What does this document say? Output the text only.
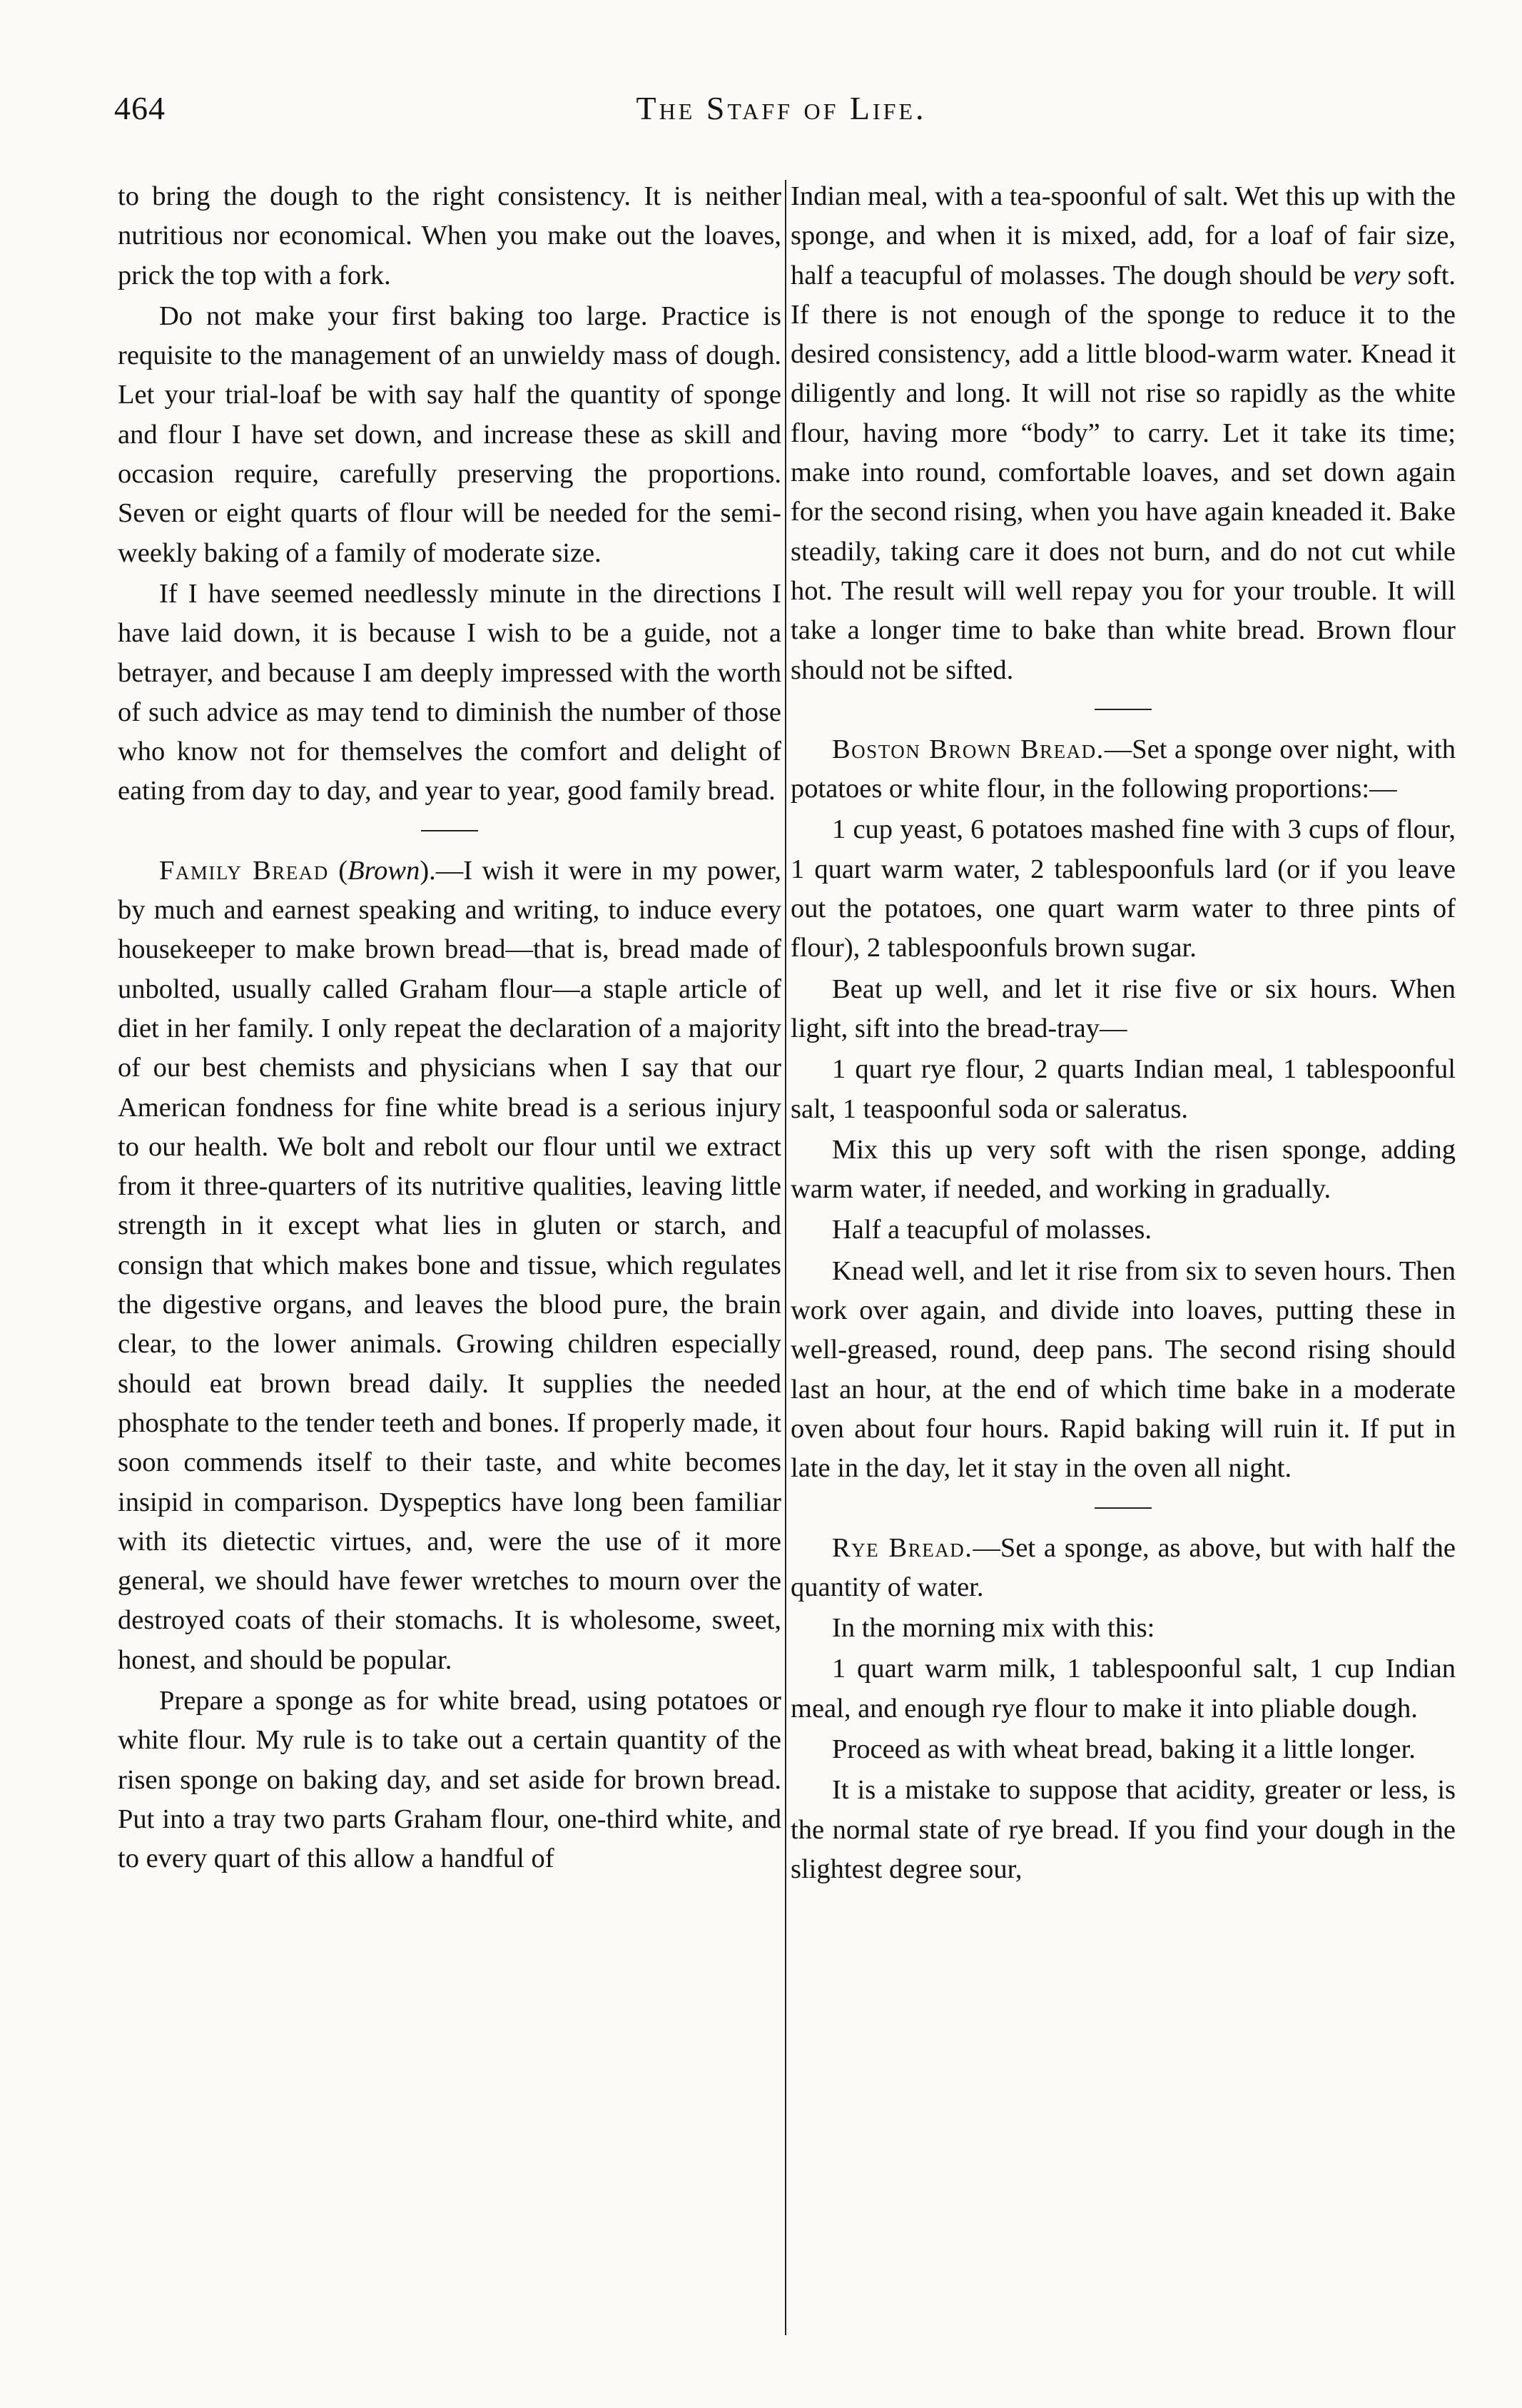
464	The Staff of Life.

to bring the dough to the right consistency. It is neither nutritious nor economical. When you make out the loaves, prick the top with a fork.

Do not make your first baking too large. Practice is requisite to the management of an unwieldy mass of dough. Let your trial-loaf be with say half the quantity of sponge and flour I have set down, and increase these as skill and occasion require, carefully preserving the proportions. Seven or eight quarts of flour will be needed for the semi-weekly baking of a family of moderate size.

If I have seemed needlessly minute in the directions I have laid down, it is because I wish to be a guide, not a betrayer, and because I am deeply impressed with the worth of such advice as may tend to diminish the number of those who know not for themselves the comfort and delight of eating from day to day, and year to year, good family bread.

Family Bread (Brown).—I wish it were in my power, by much and earnest speaking and writing, to induce every housekeeper to make brown bread—that is, bread made of unbolted, usually called Graham flour—a staple article of diet in her family. I only repeat the declaration of a majority of our best chemists and physicians when I say that our American fondness for fine white bread is a serious injury to our health. We bolt and rebolt our flour until we extract from it three-quarters of its nutritive qualities, leaving little strength in it except what lies in gluten or starch, and consign that which makes bone and tissue, which regulates the digestive organs, and leaves the blood pure, the brain clear, to the lower animals. Growing children especially should eat brown bread daily. It supplies the needed phosphate to the tender teeth and bones. If properly made, it soon commends itself to their taste, and white becomes insipid in comparison. Dyspeptics have long been familiar with its dietectic virtues, and, were the use of it more general, we should have fewer wretches to mourn over the destroyed coats of their stomachs. It is wholesome, sweet, honest, and should be popular.

Prepare a sponge as for white bread, using potatoes or white flour. My rule is to take out a certain quantity of the risen sponge on baking day, and set aside for brown bread. Put into a tray two parts Graham flour, one-third white, and to every quart of this allow a handful of

Indian meal, with a tea-spoonful of salt. Wet this up with the sponge, and when it is mixed, add, for a loaf of fair size, half a teacupful of molasses. The dough should be very soft. If there is not enough of the sponge to reduce it to the desired consistency, add a little blood-warm water. Knead it diligently and long. It will not rise so rapidly as the white flour, having more “body” to carry. Let it take its time; make into round, comfortable loaves, and set down again for the second rising, when you have again kneaded it. Bake steadily, taking care it does not burn, and do not cut while hot. The result will well repay you for your trouble. It will take a longer time to bake than white bread. Brown flour should not be sifted.

Boston Brown Bread.—Set a sponge over night, with potatoes or white flour, in the following proportions:—

1 cup yeast, 6 potatoes mashed fine with 3 cups of flour, 1 quart warm water, 2 tablespoonfuls lard (or if you leave out the potatoes, one quart warm water to three pints of flour), 2 tablespoonfuls brown sugar.

Beat up well, and let it rise five or six hours. When light, sift into the bread-tray—

1 quart rye flour, 2 quarts Indian meal, 1 tablespoonful salt, 1 teaspoonful soda or saleratus.

Mix this up very soft with the risen sponge, adding warm water, if needed, and working in gradually.

Half a teacupful of molasses.

Knead well, and let it rise from six to seven hours. Then work over again, and divide into loaves, putting these in well-greased, round, deep pans. The second rising should last an hour, at the end of which time bake in a moderate oven about four hours. Rapid baking will ruin it. If put in late in the day, let it stay in the oven all night.

Rye Bread.—Set a sponge, as above, but with half the quantity of water.

In the morning mix with this:

1 quart warm milk, 1 tablespoonful salt, 1 cup Indian meal, and enough rye flour to make it into pliable dough.

Proceed as with wheat bread, baking it a little longer.

It is a mistake to suppose that acidity, greater or less, is the normal state of rye bread. If you find your dough in the slightest degree sour,
